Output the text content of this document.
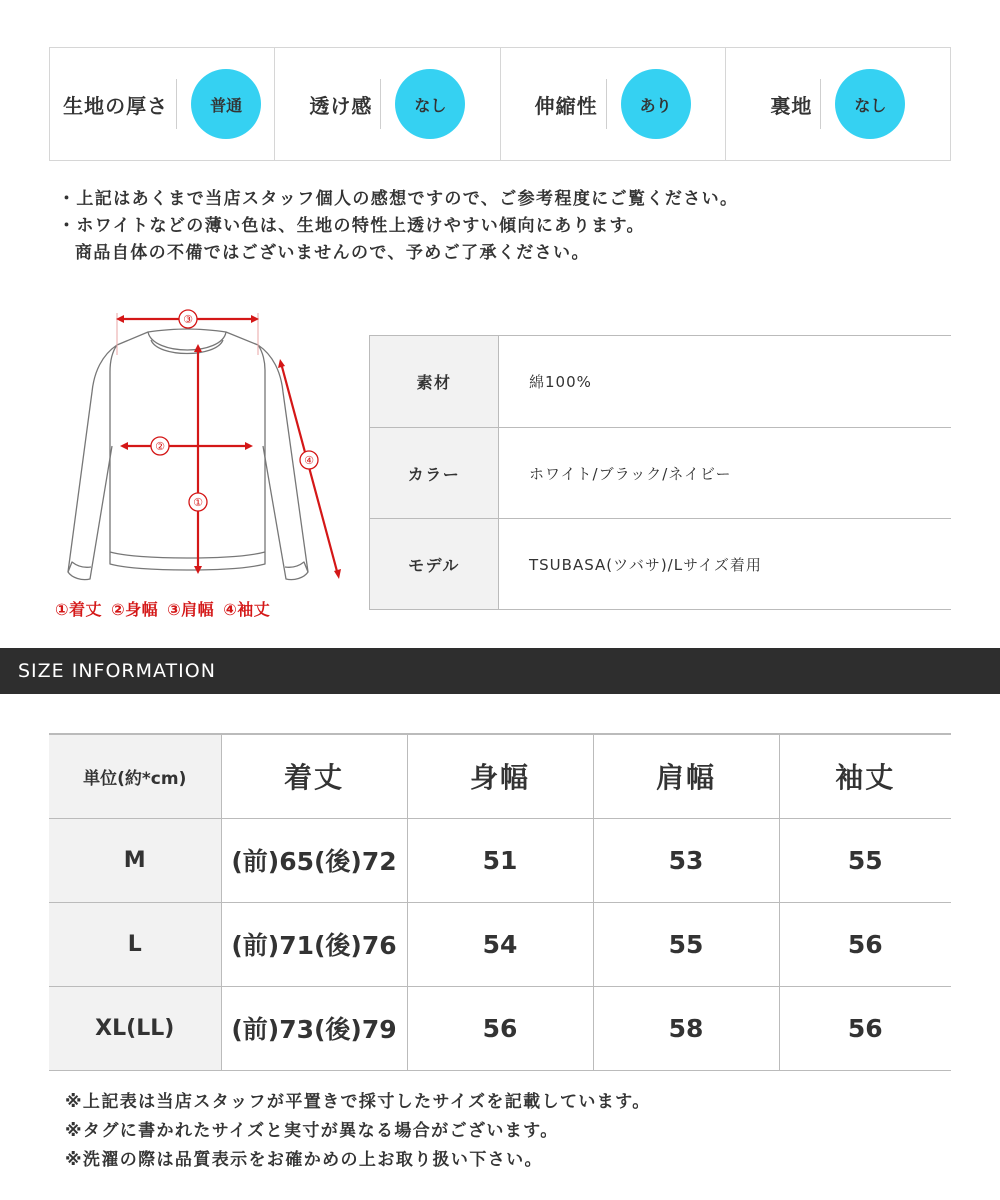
生地の厚さ	普通	透け感	なし	伸縮性	あり	裏地	なし
・上記はあくまで当店スタッフ個人の感想ですので、ご参考程度にご覧ください。
・ホワイトなどの薄い色は、生地の特性上透けやすい傾向にあります。
商品自体の不備ではございませんので、予めご了承ください。
③
②
①
④
①着丈 ②身幅 ③肩幅 ④袖丈
素材	綿100%
カラー	ホワイト/ブラック/ネイビー
モデル	TSUBASA(ツバサ)/Lサイズ着用
SIZE INFORMATION
単位(約*cm)	着丈	身幅	肩幅	袖丈
M	(前)65(後)72	51	53	55
L	(前)71(後)76	54	55	56
XL(LL)	(前)73(後)79	56	58	56
※上記表は当店スタッフが平置きで採寸したサイズを記載しています。
※タグに書かれたサイズと実寸が異なる場合がございます。
※洗濯の際は品質表示をお確かめの上お取り扱い下さい。
